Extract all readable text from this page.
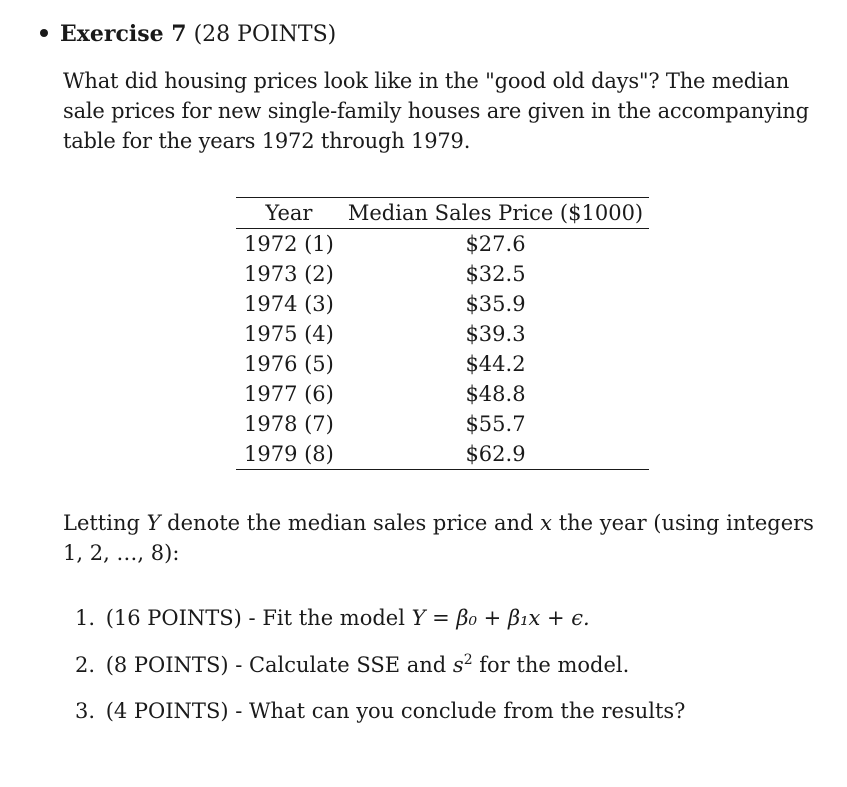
Exercise 7 (28 POINTS)
What did housing prices look like in the "good old days"? The median sale prices for new single-family houses are given in the accompanying table for the years 1972 through 1979.
Year	Median Sales Price ($1000)
1972 (1)	$27.6
1973 (2)	$32.5
1974 (3)	$35.9
1975 (4)	$39.3
1976 (5)	$44.2
1977 (6)	$48.8
1978 (7)	$55.7
1979 (8)	$62.9
Letting Y denote the median sales price and x the year (using integers 1, 2, …, 8):
1. (16 POINTS) - Fit the model Y = β₀ + β₁x + ϵ.
2. (8 POINTS) - Calculate SSE and $s^2$ for the model.
3. (4 POINTS) - What can you conclude from the results?
